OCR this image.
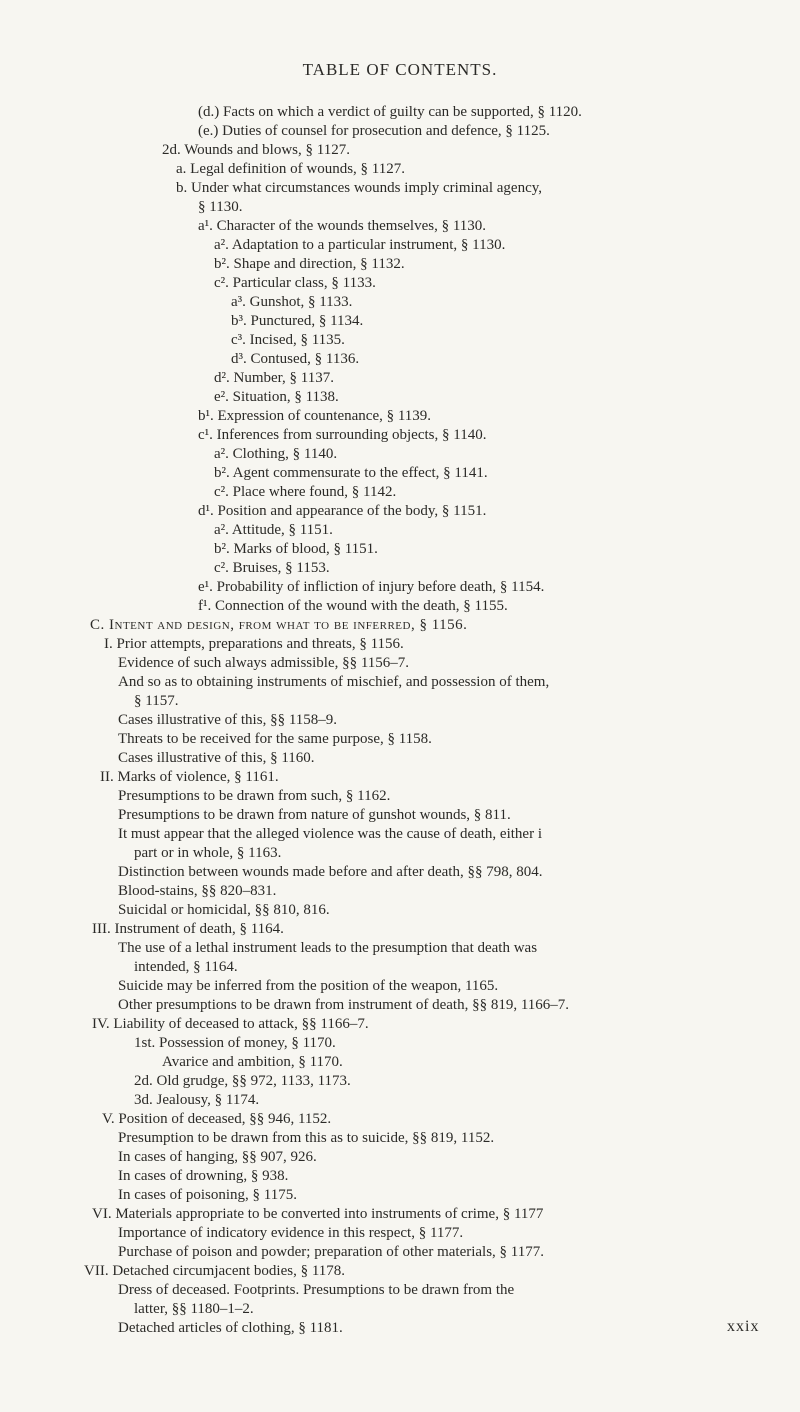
TABLE OF CONTENTS.
(d.) Facts on which a verdict of guilty can be supported, § 1120.
(e.) Duties of counsel for prosecution and defence, § 1125.
2d. Wounds and blows, § 1127.
a. Legal definition of wounds, § 1127.
b. Under what circumstances wounds imply criminal agency,
§ 1130.
a¹. Character of the wounds themselves, § 1130.
a². Adaptation to a particular instrument, § 1130.
b². Shape and direction, § 1132.
c². Particular class, § 1133.
a³. Gunshot, § 1133.
b³. Punctured, § 1134.
c³. Incised, § 1135.
d³. Contused, § 1136.
d². Number, § 1137.
e². Situation, § 1138.
b¹. Expression of countenance, § 1139.
c¹. Inferences from surrounding objects, § 1140.
a². Clothing, § 1140.
b². Agent commensurate to the effect, § 1141.
c². Place where found, § 1142.
d¹. Position and appearance of the body, § 1151.
a². Attitude, § 1151.
b². Marks of blood, § 1151.
c². Bruises, § 1153.
e¹. Probability of infliction of injury before death, § 1154.
f¹. Connection of the wound with the death, § 1155.
C. Intent and design, from what to be inferred, § 1156.
I. Prior attempts, preparations and threats, § 1156.
Evidence of such always admissible, §§ 1156–7.
And so as to obtaining instruments of mischief, and possession of them,
§ 1157.
Cases illustrative of this, §§ 1158–9.
Threats to be received for the same purpose, § 1158.
Cases illustrative of this, § 1160.
II. Marks of violence, § 1161.
Presumptions to be drawn from such, § 1162.
Presumptions to be drawn from nature of gunshot wounds, § 811.
It must appear that the alleged violence was the cause of death, either i
part or in whole, § 1163.
Distinction between wounds made before and after death, §§ 798, 804.
Blood-stains, §§ 820–831.
Suicidal or homicidal, §§ 810, 816.
III. Instrument of death, § 1164.
The use of a lethal instrument leads to the presumption that death was
intended, § 1164.
Suicide may be inferred from the position of the weapon, 1165.
Other presumptions to be drawn from instrument of death, §§ 819, 1166–7.
IV. Liability of deceased to attack, §§ 1166–7.
1st. Possession of money, § 1170.
Avarice and ambition, § 1170.
2d. Old grudge, §§ 972, 1133, 1173.
3d. Jealousy, § 1174.
V. Position of deceased, §§ 946, 1152.
Presumption to be drawn from this as to suicide, §§ 819, 1152.
In cases of hanging, §§ 907, 926.
In cases of drowning, § 938.
In cases of poisoning, § 1175.
VI. Materials appropriate to be converted into instruments of crime, § 1177
Importance of indicatory evidence in this respect, § 1177.
Purchase of poison and powder; preparation of other materials, § 1177.
VII. Detached circumjacent bodies, § 1178.
Dress of deceased. Footprints. Presumptions to be drawn from the
latter, §§ 1180–1–2.
Detached articles of clothing, § 1181.	xxix
